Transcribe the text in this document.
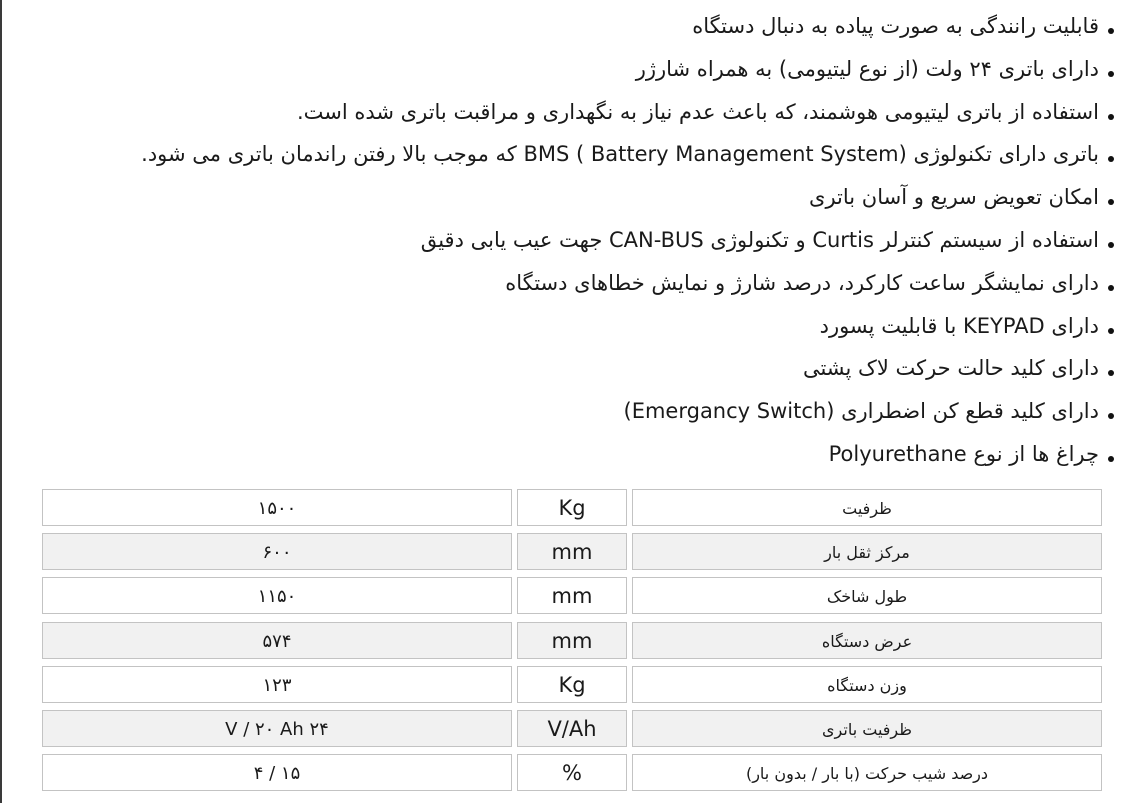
قابلیت رانندگی به صورت پیاده به دنبال دستگاه
دارای باتری ۲۴ ولت (از نوع لیتیومی) به همراه شارژر
استفاده از باتری لیتیومی هوشمند، که باعث عدم نیاز به نگهداری و مراقبت باتری شده است.
باتری دارای تکنولوژی (BMS ( Battery Management System که موجب بالا رفتن راندمان باتری می شود.
امکان تعویض سریع و آسان باتری
استفاده از سیستم کنترلر Curtis و تکنولوژی CAN-BUS جهت عیب یابی دقیق
دارای نمایشگر ساعت کارکرد، درصد شارژ و نمایش خطاهای دستگاه
دارای KEYPAD با قابلیت پسورد
دارای کلید حالت حرکت لاک پشتی
دارای کلید قطع کن اضطراری (Emergancy Switch)
چراغ ها از نوع Polyurethane
۱۵۰۰	Kg	ظرفیت
۶۰۰	mm	مرکز ثقل بار
۱۱۵۰	mm	طول شاخک
۵۷۴	mm	عرض دستگاه
۱۲۳	Kg	وزن دستگاه
۲۴ V / ۲۰ Ah	V/Ah	ظرفیت باتری
۱۵ / ۴	%	درصد شیب حرکت (با بار / بدون بار)
